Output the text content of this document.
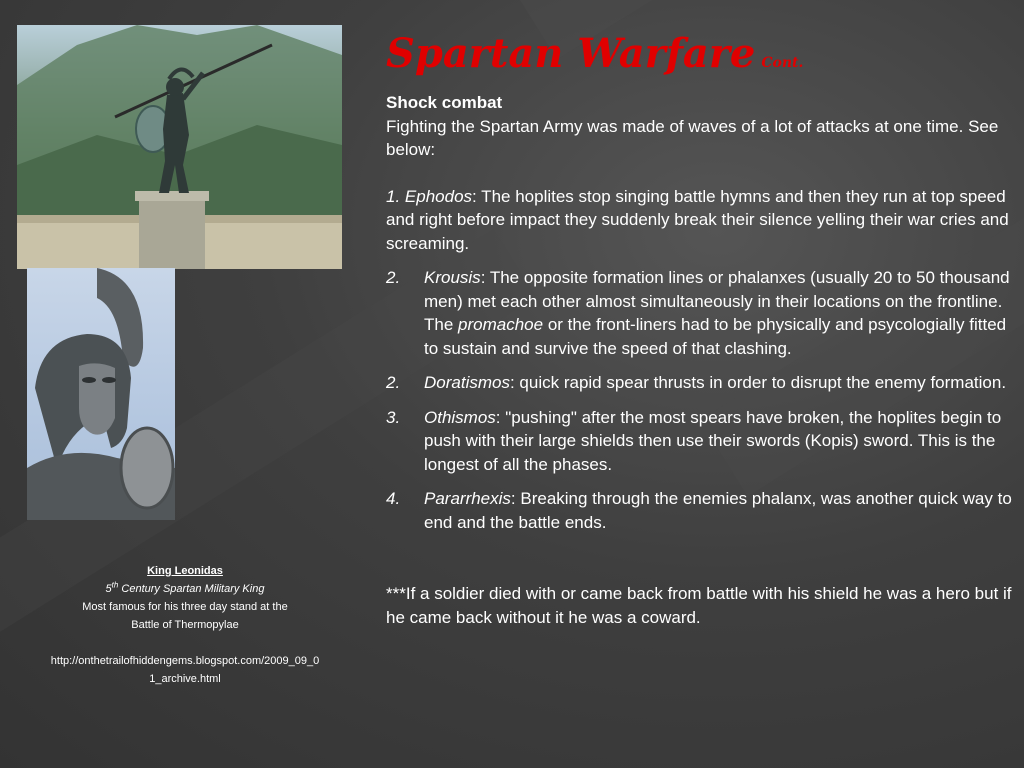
King Leonidas
5th Century Spartan Military King
Most famous for his three day stand at the
Battle of Thermopylae
http://onthetrailofhiddengems.blogspot.com/2009_09_0
1_archive.html
Spartan Warfare Cont.
Shock combat
Fighting the Spartan Army was made of waves of a lot of attacks at one time. See below:
1. Ephodos: The hoplites stop singing battle hymns and then they run at top speed and right before impact they suddenly break their silence yelling their war cries and screaming.
2.	Krousis: The opposite formation lines or phalanxes (usually 20 to 50 thousand men) met each other almost simultaneously in their locations on the frontline. The promachoe or the front-liners had to be physically and psycologially fitted to sustain and survive the speed of that clashing.
2.	Doratismos: quick rapid spear thrusts in order to disrupt the enemy formation.
3.	Othismos: "pushing" after the most spears have broken, the hoplites begin to push with their large shields then use their swords (Kopis) sword. This is the longest of all the phases.
4.	Pararrhexis: Breaking through the enemies phalanx, was another quick way to end and the battle ends.
***If a soldier died with or came back from battle with his shield he was a hero but if he came back without it he was a coward.
